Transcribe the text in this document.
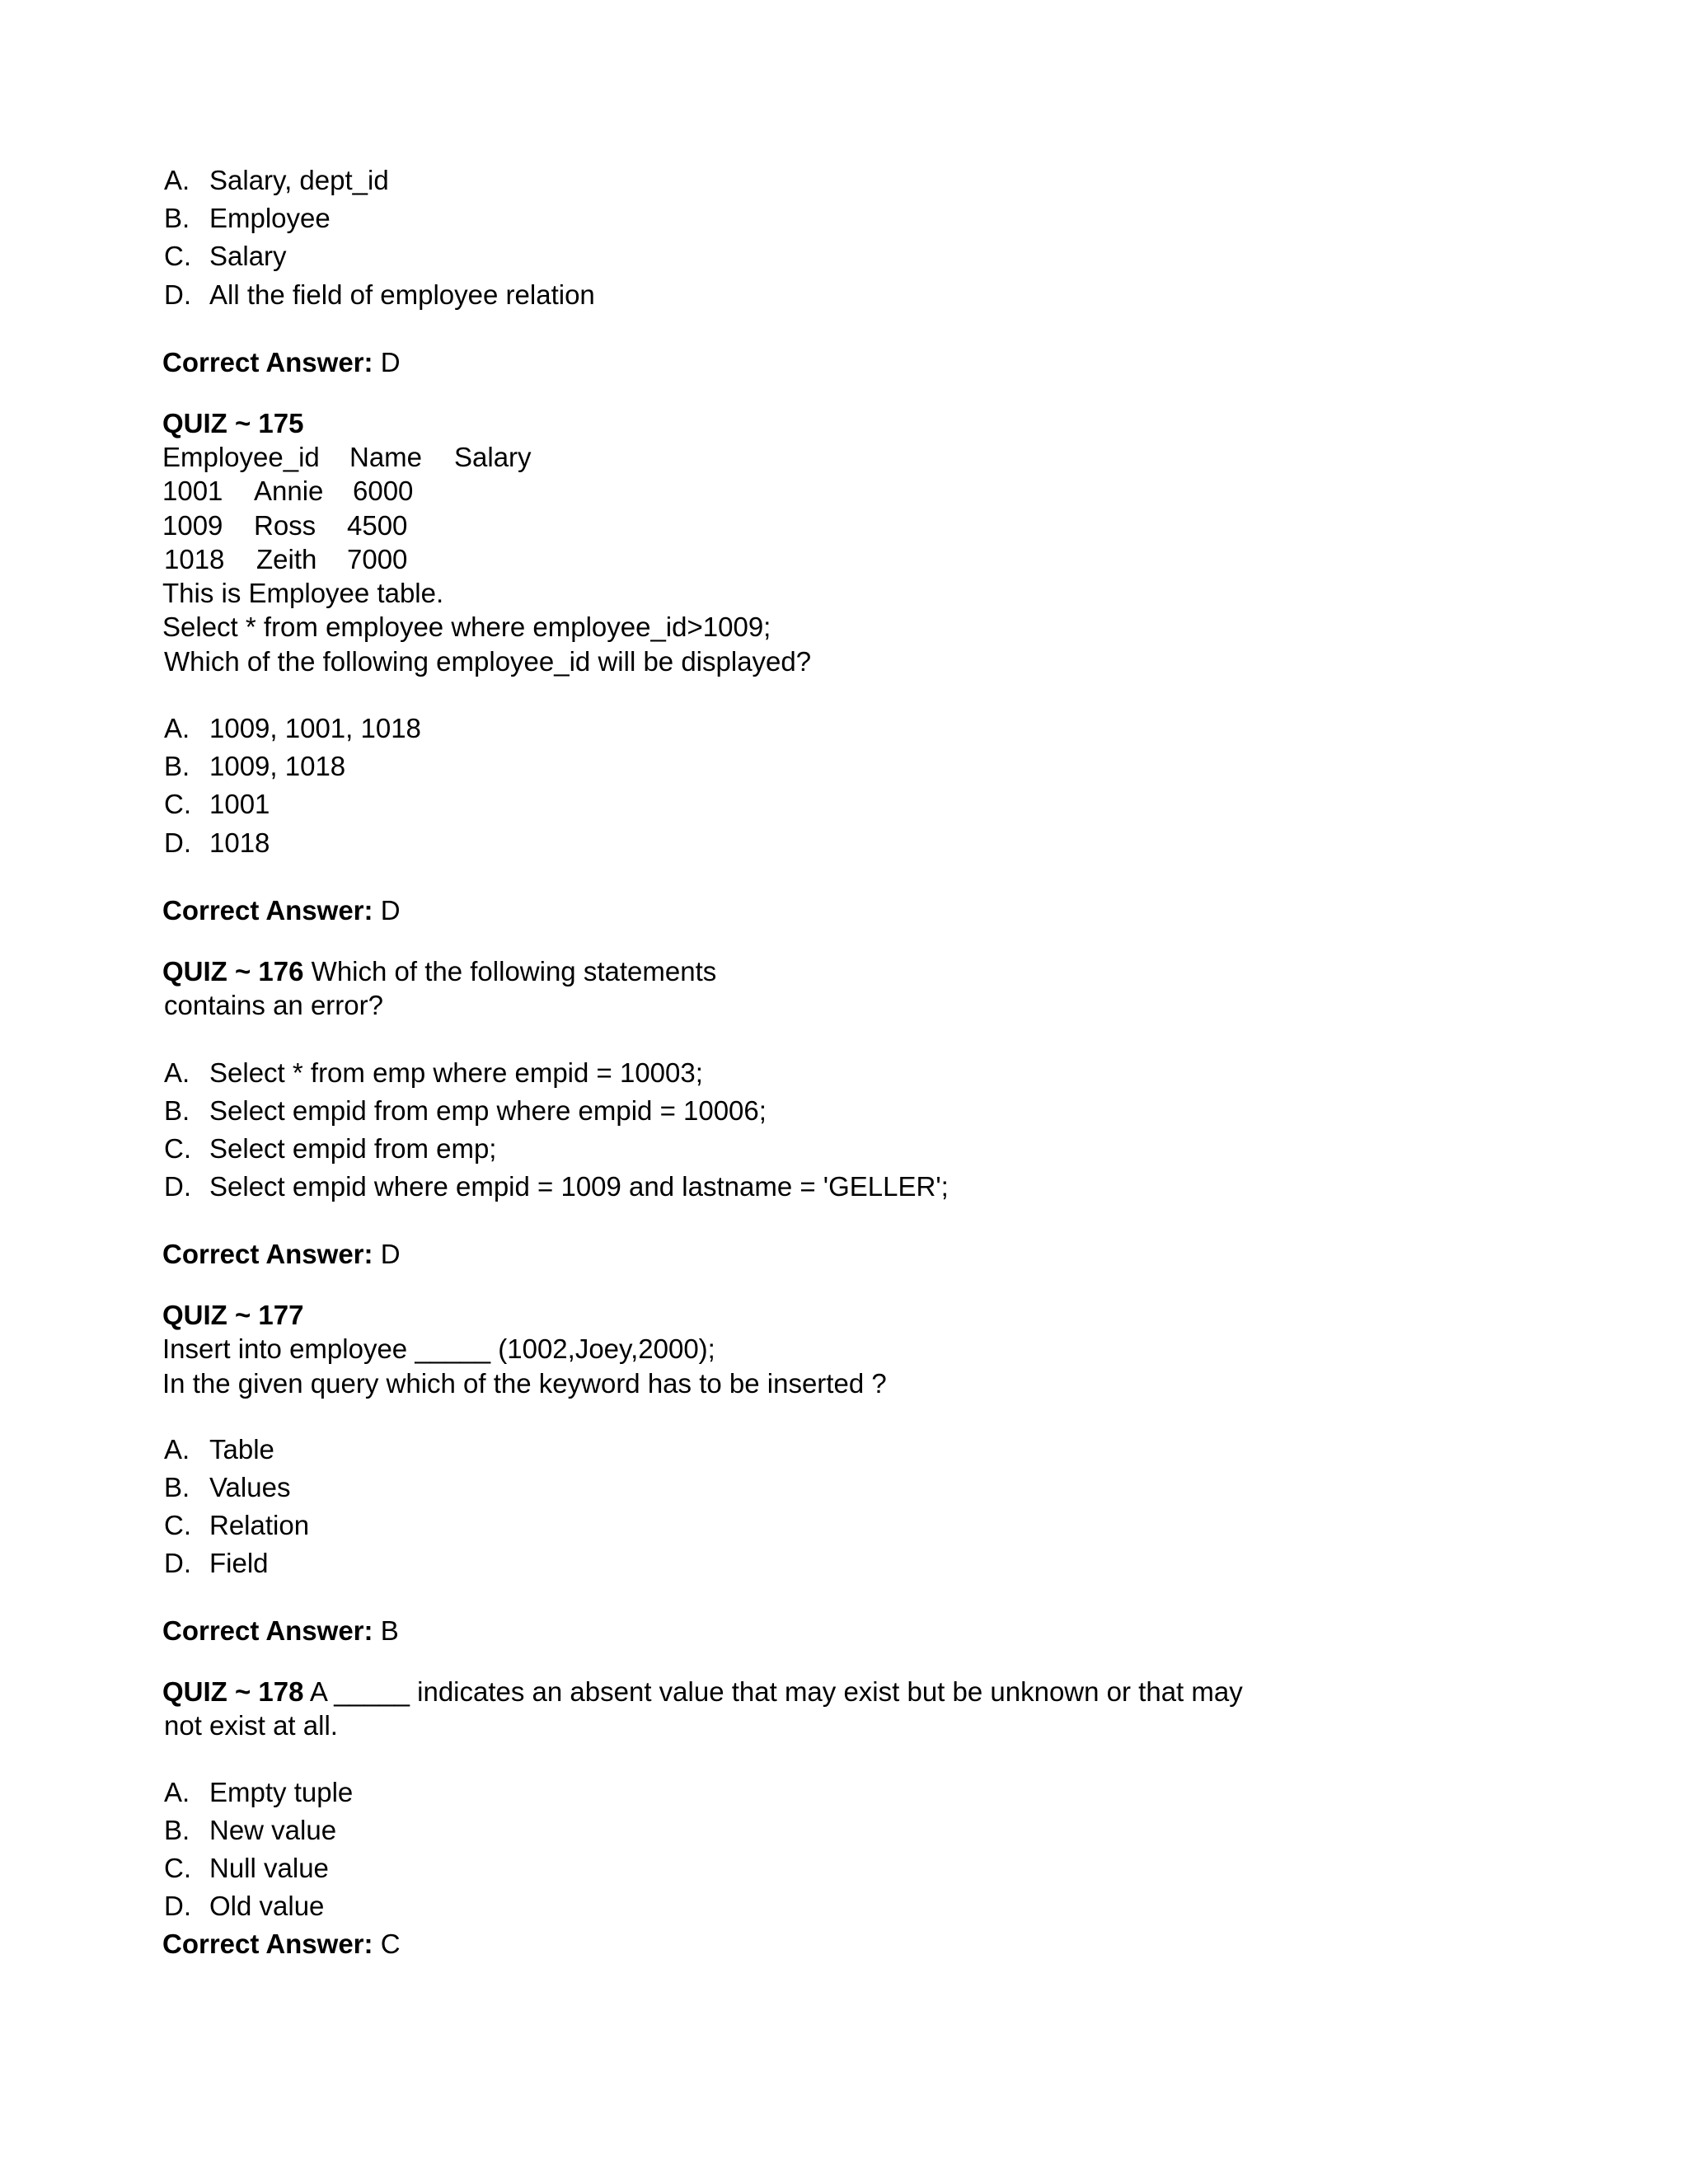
A. Salary, dept_id
B. Employee
C. Salary
D. All the field of employee relation
Correct Answer: D
QUIZ ~ 175
Employee_id Name Salary
1001 Annie 6000
1009 Ross 4500
1018 Zeith 7000
This is Employee table.
Select * from employee where employee_id>1009;
Which of the following employee_id will be displayed?
A. 1009, 1001, 1018
B. 1009, 1018
C. 1001
D. 1018
Correct Answer: D
QUIZ ~ 176 Which of the following statements
contains an error?
A. Select * from emp where empid = 10003;
B. Select empid from emp where empid = 10006;
C. Select empid from emp;
D. Select empid where empid = 1009 and lastname = 'GELLER';
Correct Answer: D
QUIZ ~ 177
Insert into employee _____ (1002,Joey,2000);
In the given query which of the keyword has to be inserted ?
A. Table
B. Values
C. Relation
D. Field
Correct Answer: B
QUIZ ~ 178 A _____ indicates an absent value that may exist but be unknown or that may
not exist at all.
A. Empty tuple
B. New value
C. Null value
D. Old value
Correct Answer: C
